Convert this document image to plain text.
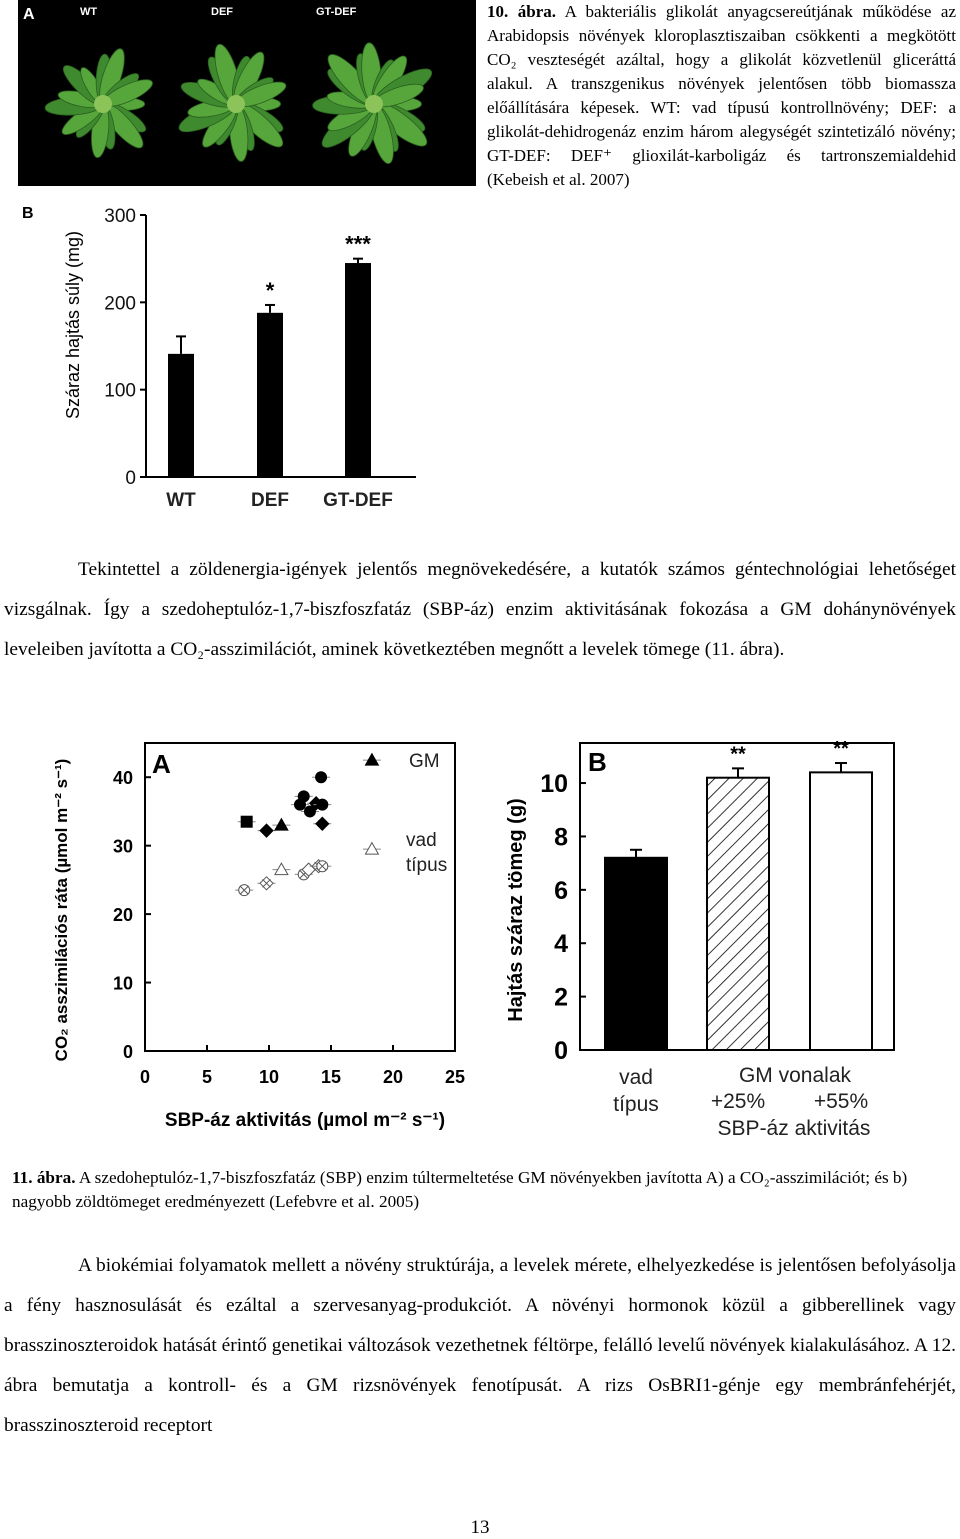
A	WT	DEF	GT-DEF
B
0
100
200
300
WT
*
DEF
***
GT-DEF
Száraz hajtás súly (mg)
10. ábra. A bakteriális glikolát anyagcsereútjának működése az Arabidopsis növények kloroplasztiszaiban csökkenti a megkötött CO₂ veszteségét azáltal, hogy a glikolát közvetlenül gliceráttá alakul. A transzgenikus növények jelentősen több biomassza előállítására képesek. WT: vad típusú kontrollnövény; DEF: a glikolát-dehidrogenáz enzim három alegységét szintetizáló növény; GT-DEF: DEF⁺ glioxilát-karboligáz és tartronszemialdehid (Kebeish et al. 2007)
Tekintettel a zöldenergia-igények jelentős megnövekedésére, a kutatók számos géntechnológiai lehetőséget vizsgálnak. Így a szedoheptulóz-1,7-biszfoszfatáz (SBP-áz) enzim aktivitásának fokozása a GM dohánynövények leveleiben javította a CO₂-asszimilációt, aminek következtében megnőtt a levelek tömege (11. ábra).
0
10
20
30
40
0	5	10 15 20 25
A
SBP-áz aktivitás (µmol m⁻² s⁻¹)
CO₂ asszimilációs ráta (µmol m⁻² s⁻¹)	GM
vad
típus
0
2
4
6
8
10
B	**	**
vad
típus
GM vonalak
+25% +55%
SBP-áz aktivitás
Hajtás száraz tömeg (g)
11. ábra. A szedoheptulóz-1,7-biszfoszfatáz (SBP) enzim túltermeltetése GM növényekben javította A) a CO₂-asszimilációt; és b) nagyobb zöldtömeget eredményezett (Lefebvre et al. 2005)
A biokémiai folyamatok mellett a növény struktúrája, a levelek mérete, elhelyezkedése is jelentősen befolyásolja a fény hasznosulását és ezáltal a szervesanyag-produkciót. A növényi hormonok közül a gibberellinek vagy brasszinoszteroidok hatását érintő genetikai változások vezethetnek féltörpe, felálló levelű növények kialakulásához. A 12. ábra bemutatja a kontroll- és a GM rizsnövények fenotípusát. A rizs OsBRI1-génje egy membránfehérjét, brasszinoszteroid receptort
13
